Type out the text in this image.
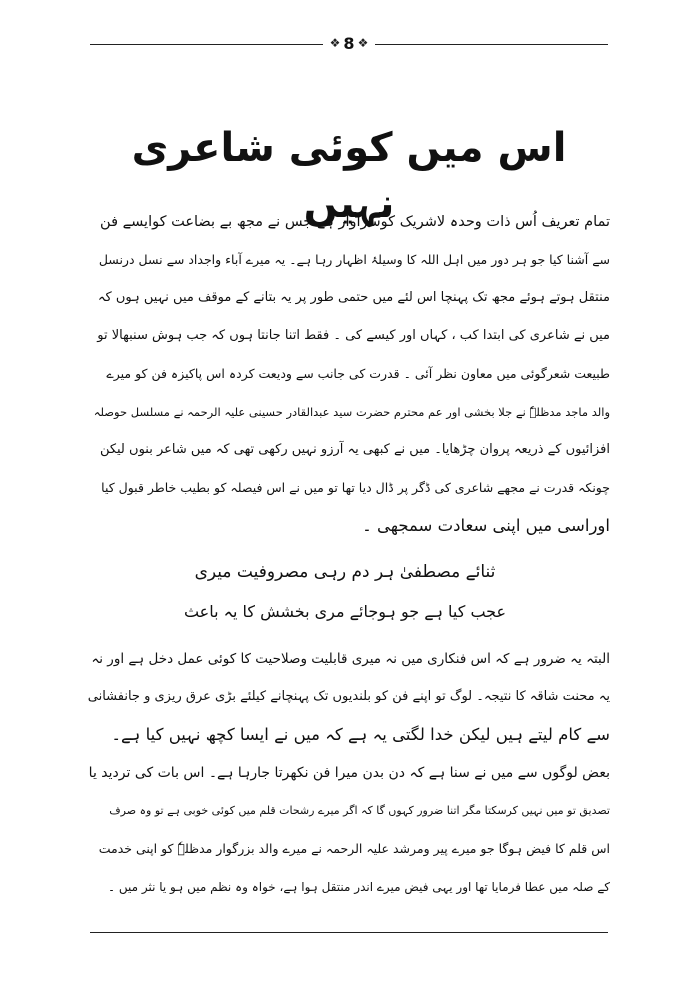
❖ 8 ❖
اس میں کوئی شاعری نہیں
تمام تعریف اُس ذات وحدہ لاشریک کوسزاوار ہے جس نے مجھ بے بضاعت کوایسے فن
سے آشنا کیا جو ہر دور میں اہل اللہ کا وسیلۂ اظہار رہا ہے۔ یہ میرے آباء واجداد سے نسل درنسل
منتقل ہوتے ہوئے مجھ تک پہنچا اس لئے میں حتمی طور پر یہ بتانے کے موقف میں نہیں ہوں کہ
میں نے شاعری کی ابتدا کب ، کہاں اور کیسے کی ۔ فقط اتنا جانتا ہوں کہ جب ہوش سنبھالا تو
طبیعت شعرگوئی میں معاون نظر آئی ۔ قدرت کی جانب سے ودیعت کردہ اس پاکیزہ فن کو میرے
والد ماجد مدظلہٗ نے جلا بخشی اور عم محترم حضرت سید عبدالقادر حسینی علیہ الرحمہ نے مسلسل حوصلہ
افزائیوں کے ذریعہ پروان چڑھایا۔ میں نے کبھی یہ آرزو نہیں رکھی تھی کہ میں شاعر بنوں لیکن
چونکہ قدرت نے مجھے شاعری کی ڈگر پر ڈال دیا تھا تو میں نے اس فیصلہ کو بطیب خاطر قبول کیا
اوراسی میں اپنی سعادت سمجھی ۔
ثنائے مصطفیٰ ہر دم رہی مصروفیت میری
عجب کیا ہے جو ہوجائے مری بخشش کا یہ باعث
البتہ یہ ضرور ہے کہ اس فنکاری میں نہ میری قابلیت وصلاحیت کا کوئی عمل دخل ہے اور نہ
یہ محنت شاقہ کا نتیجہ۔ لوگ تو اپنے فن کو بلندیوں تک پہنچانے کیلئے بڑی عرق ریزی و جانفشانی
سے کام لیتے ہیں لیکن خدا لگتی یہ ہے کہ میں نے ایسا کچھ نہیں کیا ہے۔
بعض لوگوں سے میں نے سنا ہے کہ دن بدن میرا فن نکھرتا جارہا ہے۔ اس بات کی تردید یا
تصدیق تو میں نہیں کرسکتا مگر اتنا ضرور کہوں گا کہ اگر میرے رشحات قلم میں کوئی خوبی ہے تو وہ صرف
اس قلم کا فیض ہوگا جو میرے پیر ومرشد علیہ الرحمہ نے میرے والد بزرگوار مدظلہٗ کو اپنی خدمت
کے صلہ میں عطا فرمایا تھا اور یہی فیض میرے اندر منتقل ہوا ہے، خواہ وہ نظم میں ہو یا نثر میں ۔
